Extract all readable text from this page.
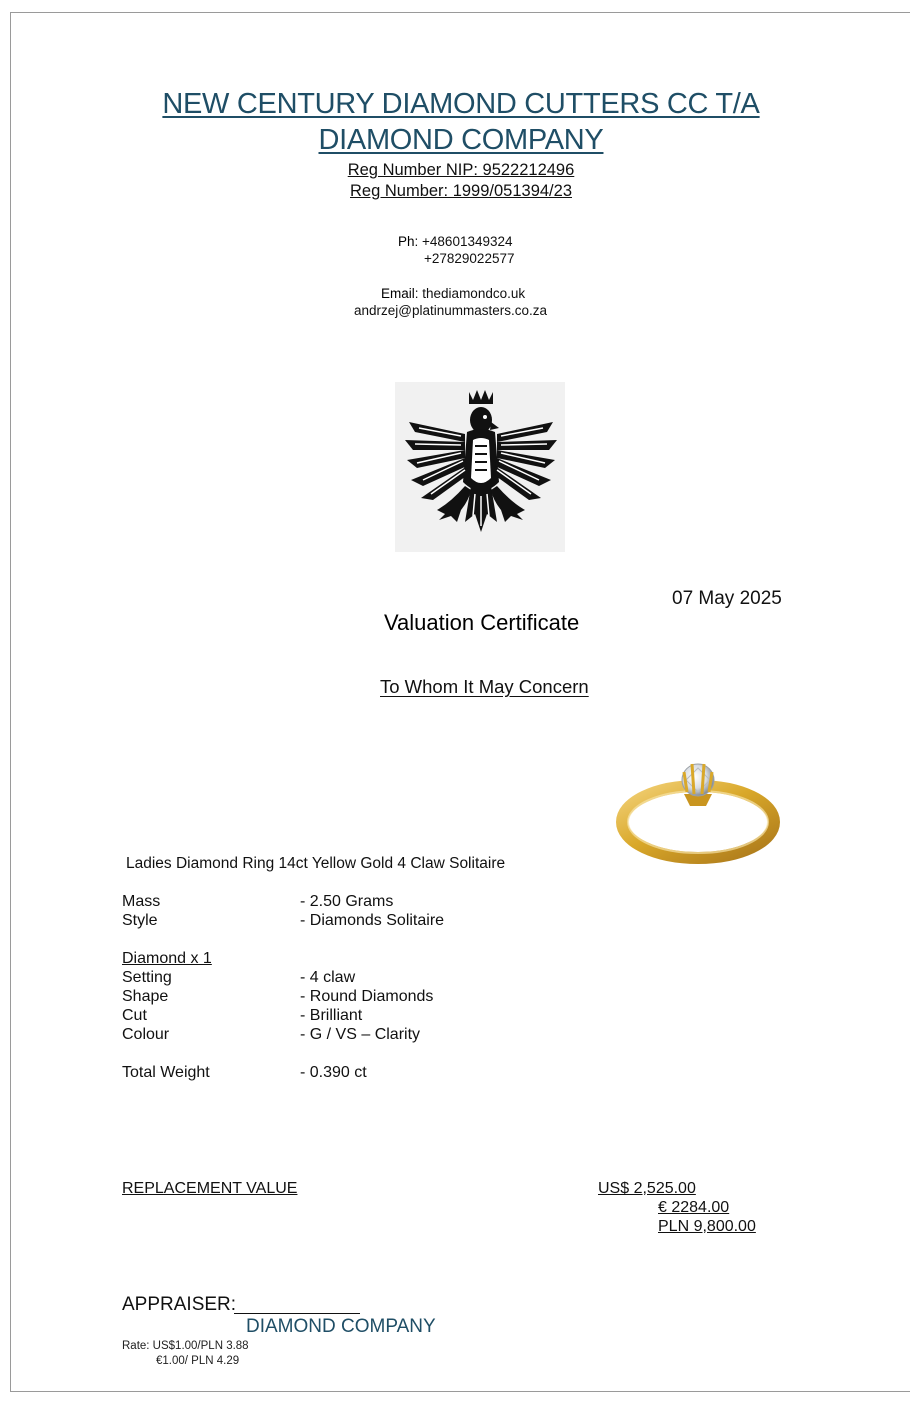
NEW CENTURY DIAMOND CUTTERS CC T/A
DIAMOND COMPANY
Reg Number NIP: 9522212496
Reg Number: 1999/051394/23
Ph: +48601349324
+27829022577
Email: thediamondco.uk
andrzej@platinummasters.co.za
07 May 2025
Valuation Certificate
To Whom It May Concern
Ladies Diamond Ring 14ct Yellow Gold 4 Claw Solitaire
Mass	- 2.50 Grams
Style	- Diamonds Solitaire
Diamond x 1
Setting	- 4 claw
Shape	- Round Diamonds
Cut	- Brilliant
Colour	- G / VS – Clarity
Total Weight	- 0.390 ct
REPLACEMENT VALUE	US$ 2,525.00
€ 2284.00
PLN 9,800.00
APPRAISER:
DIAMOND COMPANY
Rate: US$1.00/PLN 3.88
€1.00/ PLN 4.29
